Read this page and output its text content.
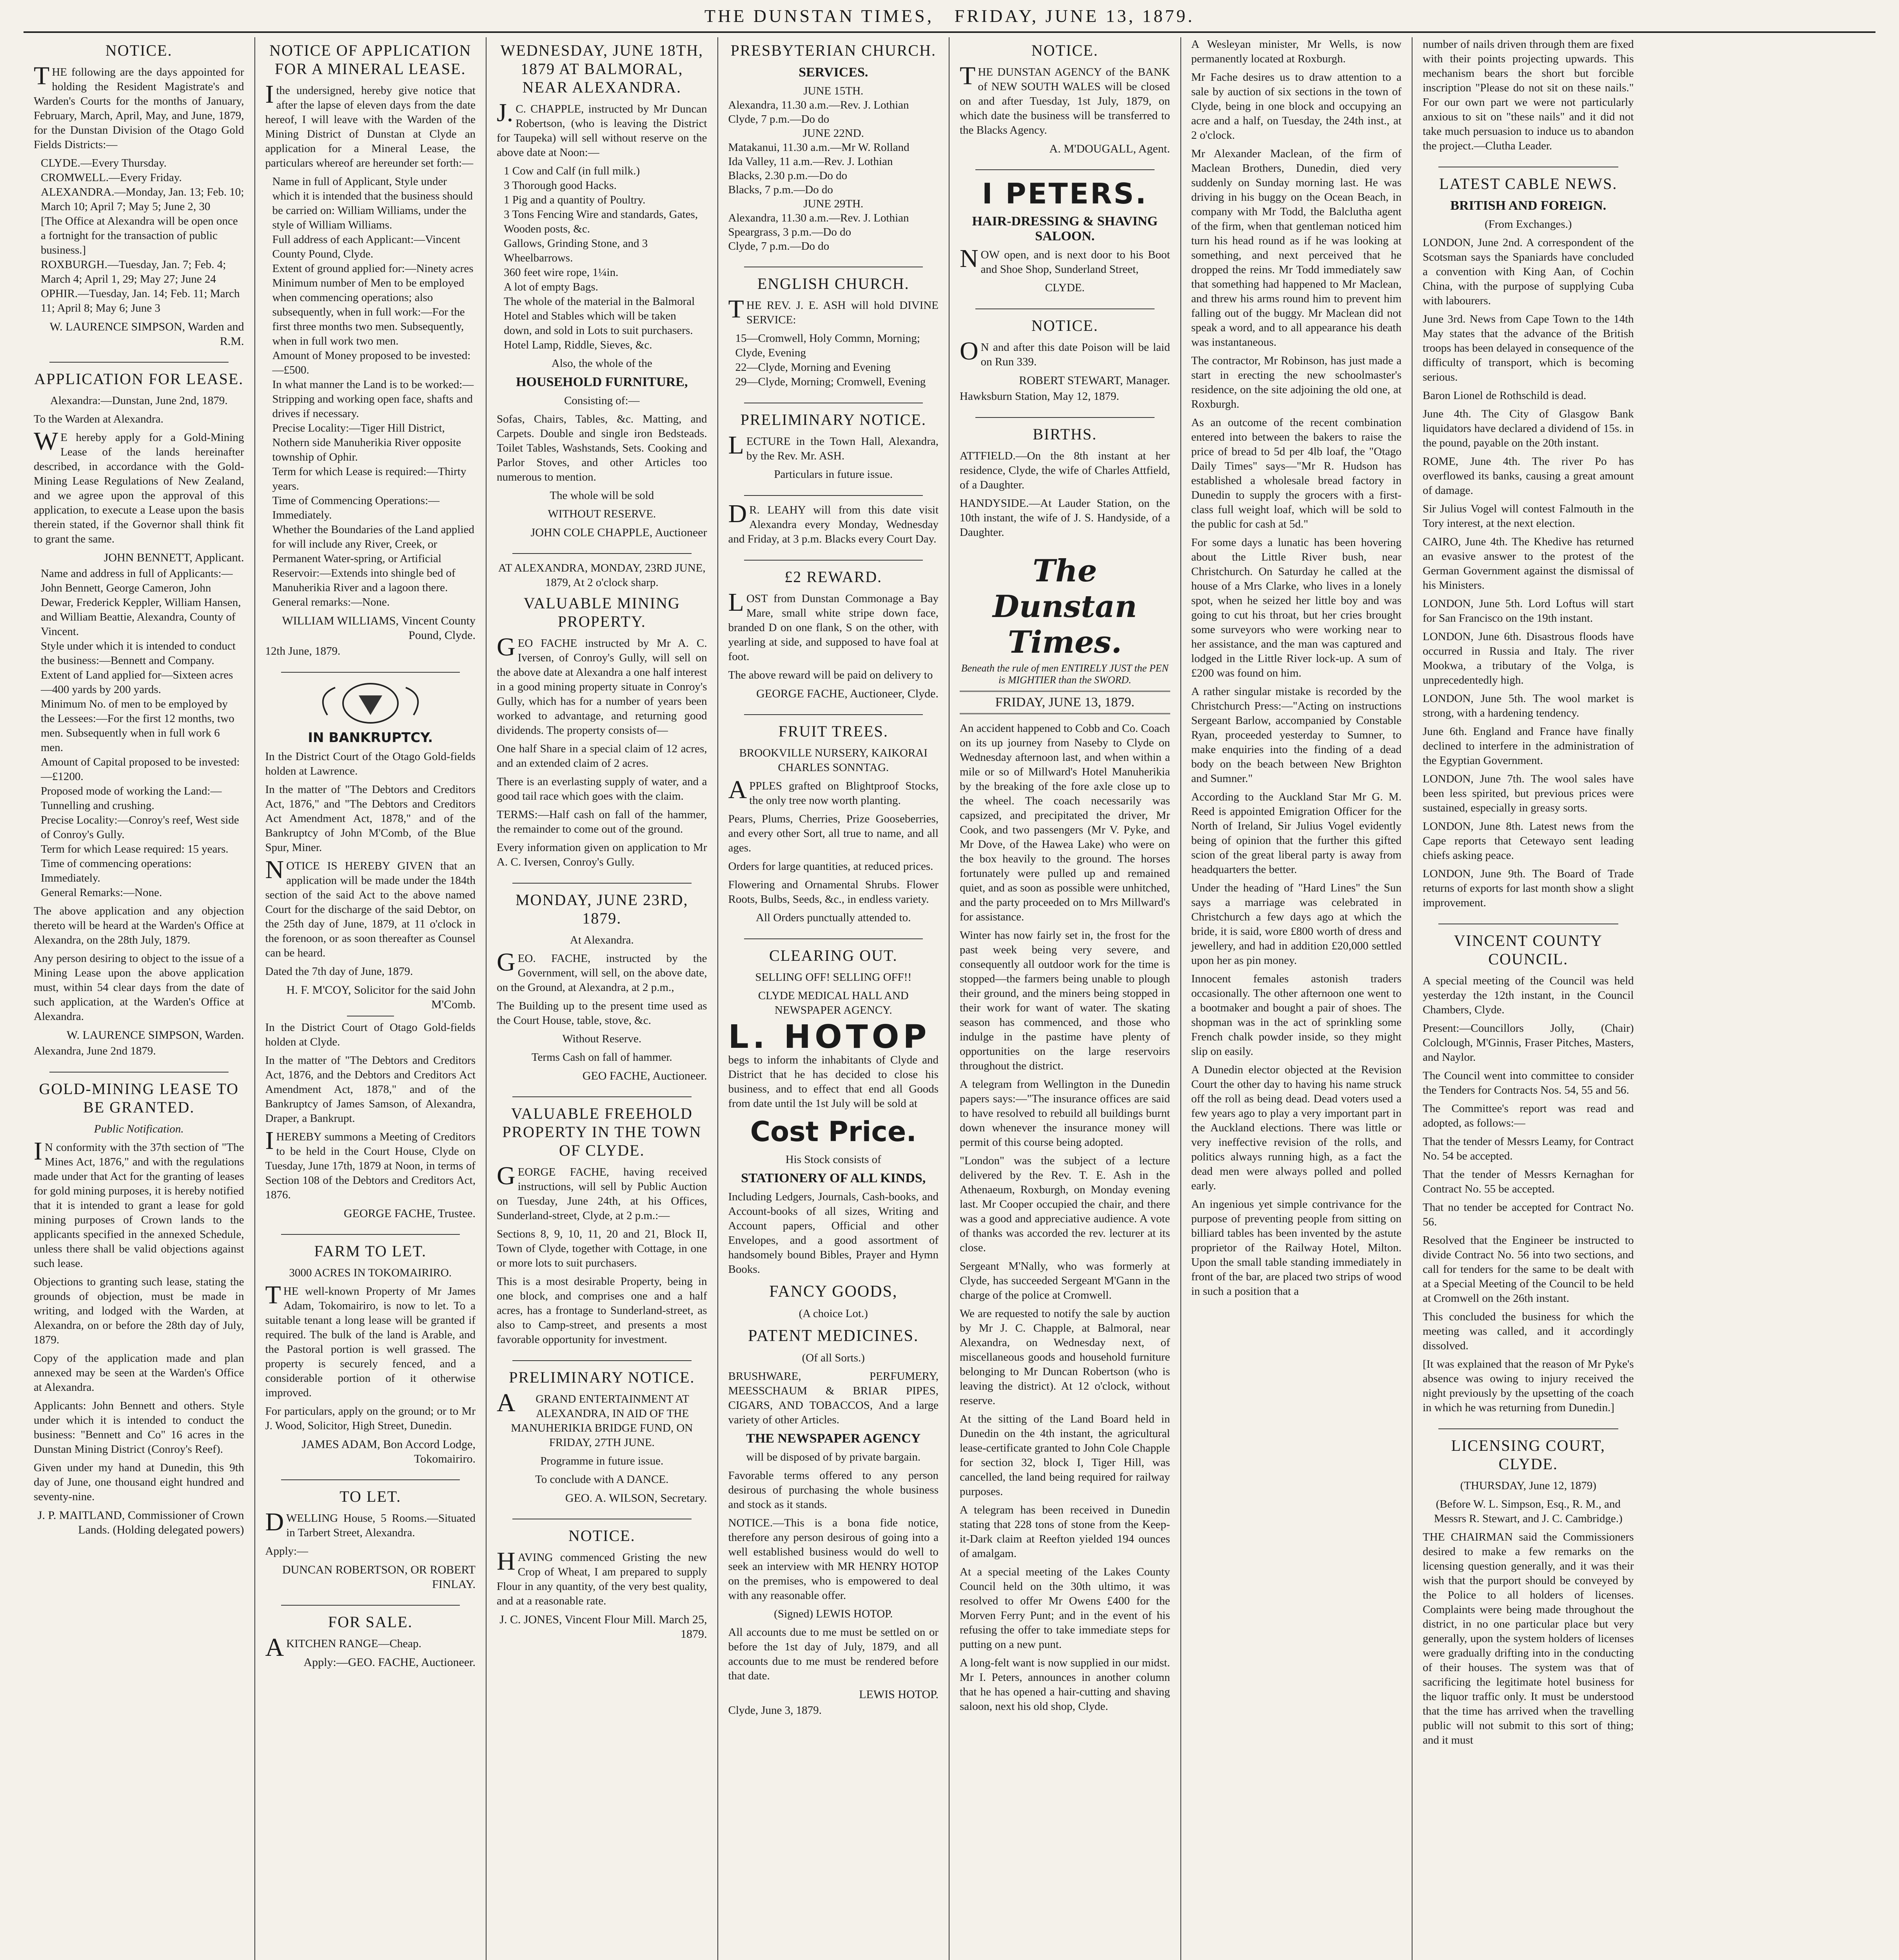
THE DUNSTAN TIMES,
FRIDAY, JUNE 13, 1879.
NOTICE.

THE following are the days appointed for holding the Resident Magistrate's and Warden's Courts for the months of January, February, March, April, May, and June, 1879, for the Dunstan Division of the Otago Gold Fields Districts:—

CLYDE.—Every Thursday.
CROMWELL.—Every Friday.
ALEXANDRA.—Monday, Jan. 13; Feb. 10; March 10; April 7; May 5; June 2, 30
[The Office at Alexandra will be open once a fortnight for the transaction of public business.]
ROXBURGH.—Tuesday, Jan. 7; Feb. 4; March 4; April 1, 29; May 27; June 24
OPHIR.—Tuesday, Jan. 14; Feb. 11; March 11; April 8; May 6; June 3

W. LAURENCE SIMPSON, Warden and R.M.

APPLICATION FOR LEASE.

Alexandra:—Dunstan, June 2nd, 1879.

To the Warden at Alexandra.

WE hereby apply for a Gold-Mining Lease of the lands hereinafter described, in accordance with the Gold-Mining Lease Regulations of New Zealand, and we agree upon the approval of this application, to execute a Lease upon the basis therein stated, if the Governor shall think fit to grant the same.

JOHN BENNETT, Applicant.

Name and address in full of Applicants:—John Bennett, George Cameron, John Dewar, Frederick Keppler, William Hansen, and William Beattie, Alexandra, County of Vincent.
Style under which it is intended to conduct the business:—Bennett and Company.
Extent of Land applied for—Sixteen acres—400 yards by 200 yards.
Minimum No. of men to be employed by the Lessees:—For the first 12 months, two men. Subsequently when in full work 6 men.
Amount of Capital proposed to be invested:—£1200.
Proposed mode of working the Land:—Tunnelling and crushing.
Precise Locality:—Conroy's reef, West side of Conroy's Gully.
Term for which Lease required: 15 years.
Time of commencing operations: Immediately.
General Remarks:—None.

The above application and any objection thereto will be heard at the Warden's Office at Alexandra, on the 28th July, 1879.

Any person desiring to object to the issue of a Mining Lease upon the above application must, within 54 clear days from the date of such application, at the Warden's Office at Alexandra.

W. LAURENCE SIMPSON, Warden.

Alexandra, June 2nd 1879.

GOLD-MINING LEASE TO BE GRANTED.

Public Notification.

IN conformity with the 37th section of "The Mines Act, 1876," and with the regulations made under that Act for the granting of leases for gold mining purposes, it is hereby notified that it is intended to grant a lease for gold mining purposes of Crown lands to the applicants specified in the annexed Schedule, unless there shall be valid objections against such lease.

Objections to granting such lease, stating the grounds of objection, must be made in writing, and lodged with the Warden, at Alexandra, on or before the 28th day of July, 1879.

Copy of the application made and plan annexed may be seen at the Warden's Office at Alexandra.

Applicants: John Bennett and others. Style under which it is intended to conduct the business: "Bennett and Co" 16 acres in the Dunstan Mining District (Conroy's Reef).

Given under my hand at Dunedin, this 9th day of June, one thousand eight hundred and seventy-nine.

J. P. MAITLAND, Commissioner of Crown Lands. (Holding delegated powers)

NOTICE OF APPLICATION FOR A MINERAL LEASE.

Ithe undersigned, hereby give notice that after the lapse of eleven days from the date hereof, I will leave with the Warden of the Mining District of Dunstan at Clyde an application for a Mineral Lease, the particulars whereof are hereunder set forth:—

Name in full of Applicant, Style under which it is intended that the business should be carried on: William Williams, under the style of William Williams.
Full address of each Applicant:—Vincent County Pound, Clyde.
Extent of ground applied for:—Ninety acres
Minimum number of Men to be employed when commencing operations; also subsequently, when in full work:—For the first three months two men. Subsequently, when in full work two men.
Amount of Money proposed to be invested:—£500.
In what manner the Land is to be worked:—Stripping and working open face, shafts and drives if necessary.
Precise Locality:—Tiger Hill District, Nothern side Manuherikia River opposite township of Ophir.
Term for which Lease is required:—Thirty years.
Time of Commencing Operations:—Immediately.
Whether the Boundaries of the Land applied for will include any River, Creek, or Permanent Water-spring, or Artificial Reservoir:—Extends into shingle bed of Manuherikia River and a lagoon there.
General remarks:—None.

WILLIAM WILLIAMS, Vincent County Pound, Clyde.

12th June, 1879.

IN BANKRUPTCY.

In the District Court of the Otago Gold-fields holden at Lawrence.

In the matter of "The Debtors and Creditors Act, 1876," and "The Debtors and Creditors Act Amendment Act, 1878," and of the Bankruptcy of John M'Comb, of the Blue Spur, Miner.

NOTICE IS HEREBY GIVEN that an application will be made under the 184th section of the said Act to the above named Court for the discharge of the said Debtor, on the 25th day of June, 1879, at 11 o'clock in the forenoon, or as soon thereafter as Counsel can be heard.

Dated the 7th day of June, 1879.

H. F. M'COY, Solicitor for the said John M'Comb.

In the District Court of Otago Gold-fields holden at Clyde.

In the matter of "The Debtors and Creditors Act, 1876, and the Debtors and Creditors Act Amendment Act, 1878," and of the Bankruptcy of James Samson, of Alexandra, Draper, a Bankrupt.

IHEREBY summons a Meeting of Creditors to be held in the Court House, Clyde on Tuesday, June 17th, 1879 at Noon, in terms of Section 108 of the Debtors and Creditors Act, 1876.

GEORGE FACHE, Trustee.

FARM TO LET.

3000 ACRES IN TOKOMAIRIRO.

THE well-known Property of Mr James Adam, Tokomairiro, is now to let. To a suitable tenant a long lease will be granted if required. The bulk of the land is Arable, and the Pastoral portion is well grassed. The property is securely fenced, and a considerable portion of it otherwise improved.

For particulars, apply on the ground; or to Mr J. Wood, Solicitor, High Street, Dunedin.

JAMES ADAM, Bon Accord Lodge, Tokomairiro.

TO LET.

DWELLING House, 5 Rooms.—Situated in Tarbert Street, Alexandra.

Apply:—

DUNCAN ROBERTSON, OR ROBERT FINLAY.

FOR SALE.

AKITCHEN RANGE—Cheap.

Apply:—GEO. FACHE, Auctioneer.

WEDNESDAY, JUNE 18TH, 1879 AT BALMORAL, NEAR ALEXANDRA.

J.C. CHAPPLE, instructed by Mr Duncan Robertson, (who is leaving the District for Taupeka) will sell without reserve on the above date at Noon:—

1 Cow and Calf (in full milk.)
3 Thorough good Hacks.
1 Pig and a quantity of Poultry.
3 Tons Fencing Wire and standards, Gates, Wooden posts, &c.
Gallows, Grinding Stone, and 3 Wheelbarrows.
360 feet wire rope, 1¼in.
A lot of empty Bags.
The whole of the material in the Balmoral Hotel and Stables which will be taken down, and sold in Lots to suit purchasers.
Hotel Lamp, Riddle, Sieves, &c.

Also, the whole of the

HOUSEHOLD FURNITURE,

Consisting of:—

Sofas, Chairs, Tables, &c. Matting, and Carpets. Double and single iron Bedsteads. Toilet Tables, Washstands, Sets. Cooking and Parlor Stoves, and other Articles too numerous to mention.

The whole will be sold

WITHOUT RESERVE.

JOHN COLE CHAPPLE, Auctioneer

AT ALEXANDRA, MONDAY, 23RD JUNE, 1879, At 2 o'clock sharp.

VALUABLE MINING PROPERTY.

GEO FACHE instructed by Mr A. C. Iversen, of Conroy's Gully, will sell on the above date at Alexandra a one half interest in a good mining property situate in Conroy's Gully, which has for a number of years been worked to advantage, and returning good dividends. The property consists of—

One half Share in a special claim of 12 acres, and an extended claim of 2 acres.

There is an everlasting supply of water, and a good tail race which goes with the claim.

TERMS:—Half cash on fall of the hammer, the remainder to come out of the ground.

Every information given on application to Mr A. C. Iversen, Conroy's Gully.

MONDAY, JUNE 23RD, 1879.

At Alexandra.

GEO. FACHE, instructed by the Government, will sell, on the above date, on the Ground, at Alexandra, at 2 p.m.,

The Building up to the present time used as the Court House, table, stove, &c.

Without Reserve.

Terms Cash on fall of hammer.

GEO FACHE, Auctioneer.

VALUABLE FREEHOLD PROPERTY IN THE TOWN OF CLYDE.

GEORGE FACHE, having received instructions, will sell by Public Auction on Tuesday, June 24th, at his Offices, Sunderland-street, Clyde, at 2 p.m.:—

Sections 8, 9, 10, 11, 20 and 21, Block II, Town of Clyde, together with Cottage, in one or more lots to suit purchasers.

This is a most desirable Property, being in one block, and comprises one and a half acres, has a frontage to Sunderland-street, as also to Camp-street, and presents a most favorable opportunity for investment.

PRELIMINARY NOTICE.

AGRAND ENTERTAINMENT AT ALEXANDRA, IN AID OF THE MANUHERIKIA BRIDGE FUND, ON FRIDAY, 27TH JUNE.

Programme in future issue.

To conclude with A DANCE.

GEO. A. WILSON, Secretary.

NOTICE.

HAVING commenced Gristing the new Crop of Wheat, I am prepared to supply Flour in any quantity, of the very best quality, and at a reasonable rate.

J. C. JONES, Vincent Flour Mill. March 25, 1879.

PRESBYTERIAN CHURCH.
SERVICES.
JUNE 15TH.
Alexandra, 11.30 a.m.—Rev. J. Lothian
Clyde, 7 p.m.—Do do
JUNE 22ND.
Matakanui, 11.30 a.m.—Mr W. Rolland
Ida Valley, 11 a.m.—Rev. J. Lothian
Blacks, 2.30 p.m.—Do do
Blacks, 7 p.m.—Do do
JUNE 29TH.
Alexandra, 11.30 a.m.—Rev. J. Lothian
Speargrass, 3 p.m.—Do do
Clyde, 7 p.m.—Do do
ENGLISH CHURCH.

THE REV. J. E. ASH will hold DIVINE SERVICE:

15—Cromwell, Holy Commn, Morning; Clyde, Evening
22—Clyde, Morning and Evening
29—Clyde, Morning; Cromwell, Evening
PRELIMINARY NOTICE.

LECTURE in the Town Hall, Alexandra, by the Rev. Mr. ASH.

Particulars in future issue.

DR. LEAHY will from this date visit Alexandra every Monday, Wednesday and Friday, at 3 p.m. Blacks every Court Day.

£2 REWARD.

LOST from Dunstan Commonage a Bay Mare, small white stripe down face, branded D on one flank, S on the other, with yearling at side, and supposed to have foal at foot.

The above reward will be paid on delivery to

GEORGE FACHE, Auctioneer, Clyde.

FRUIT TREES.

BROOKVILLE NURSERY, KAIKORAI CHARLES SONNTAG.

APPLES grafted on Blightproof Stocks, the only tree now worth planting.

Pears, Plums, Cherries, Prize Gooseberries, and every other Sort, all true to name, and all ages.

Orders for large quantities, at reduced prices.

Flowering and Ornamental Shrubs. Flower Roots, Bulbs, Seeds, &c., in endless variety.

All Orders punctually attended to.

CLEARING OUT.

SELLING OFF! SELLING OFF!!

CLYDE MEDICAL HALL AND NEWSPAPER AGENCY.

L. HOTOP

begs to inform the inhabitants of Clyde and District that he has decided to close his business, and to effect that end all Goods from date until the 1st July will be sold at

Cost Price.

His Stock consists of

STATIONERY OF ALL KINDS,

Including Ledgers, Journals, Cash-books, and Account-books of all sizes, Writing and Account papers, Official and other Envelopes, and a good assortment of handsomely bound Bibles, Prayer and Hymn Books.

FANCY GOODS,

(A choice Lot.)

PATENT MEDICINES.

(Of all Sorts.)

BRUSHWARE, PERFUMERY, MEESSCHAUM & BRIAR PIPES, CIGARS, AND TOBACCOS, And a large variety of other Articles.

THE NEWSPAPER AGENCY

will be disposed of by private bargain.

Favorable terms offered to any person desirous of purchasing the whole business and stock as it stands.

NOTICE.—This is a bona fide notice, therefore any person desirous of going into a well established business would do well to seek an interview with MR HENRY HOTOP on the premises, who is empowered to deal with any reasonable offer.

(Signed) LEWIS HOTOP.

All accounts due to me must be settled on or before the 1st day of July, 1879, and all accounts due to me must be rendered before that date.

LEWIS HOTOP.

Clyde, June 3, 1879.

NOTICE.

THE DUNSTAN AGENCY of the BANK of NEW SOUTH WALES will be closed on and after Tuesday, 1st July, 1879, on which date the business will be transferred to the Blacks Agency.

A. M'DOUGALL, Agent.

I PETERS.
HAIR-DRESSING & SHAVING SALOON.

NOW open, and is next door to his Boot and Shoe Shop, Sunderland Street,

CLYDE.

NOTICE.

ON and after this date Poison will be laid on Run 339.

ROBERT STEWART, Manager.

Hawksburn Station, May 12, 1879.

BIRTHS.

ATTFIELD.—On the 8th instant at her residence, Clyde, the wife of Charles Attfield, of a Daughter.

HANDYSIDE.—At Lauder Station, on the 10th instant, the wife of J. S. Handyside, of a Daughter.

The Dunstan Times.
Beneath the rule of men ENTIRELY JUST the PEN is MIGHTIER than the SWORD.
FRIDAY, JUNE 13, 1879.

An accident happened to Cobb and Co. Coach on its up journey from Naseby to Clyde on Wednesday afternoon last, and when within a mile or so of Millward's Hotel Manuherikia by the breaking of the fore axle close up to the wheel. The coach necessarily was capsized, and precipitated the driver, Mr Cook, and two passengers (Mr V. Pyke, and Mr Dove, of the Hawea Lake) who were on the box heavily to the ground. The horses fortunately were pulled up and remained quiet, and as soon as possible were unhitched, and the party proceeded on to Mrs Millward's for assistance.

Winter has now fairly set in, the frost for the past week being very severe, and consequently all outdoor work for the time is stopped—the farmers being unable to plough their ground, and the miners being stopped in their work for want of water. The skating season has commenced, and those who indulge in the pastime have plenty of opportunities on the large reservoirs throughout the district.

A telegram from Wellington in the Dunedin papers says:—"The insurance offices are said to have resolved to rebuild all buildings burnt down whenever the insurance money will permit of this course being adopted.

"London" was the subject of a lecture delivered by the Rev. T. E. Ash in the Athenaeum, Roxburgh, on Monday evening last. Mr Cooper occupied the chair, and there was a good and appreciative audience. A vote of thanks was accorded the rev. lecturer at its close.

Sergeant M'Nally, who was formerly at Clyde, has succeeded Sergeant M'Gann in the charge of the police at Cromwell.

We are requested to notify the sale by auction by Mr J. C. Chapple, at Balmoral, near Alexandra, on Wednesday next, of miscellaneous goods and household furniture belonging to Mr Duncan Robertson (who is leaving the district). At 12 o'clock, without reserve.

At the sitting of the Land Board held in Dunedin on the 4th instant, the agricultural lease-certificate granted to John Cole Chapple for section 32, block I, Tiger Hill, was cancelled, the land being required for railway purposes.

A telegram has been received in Dunedin stating that 228 tons of stone from the Keep-it-Dark claim at Reefton yielded 194 ounces of amalgam.

At a special meeting of the Lakes County Council held on the 30th ultimo, it was resolved to offer Mr Owens £400 for the Morven Ferry Punt; and in the event of his refusing the offer to take immediate steps for putting on a new punt.

A long-felt want is now supplied in our midst. Mr I. Peters, announces in another column that he has opened a hair-cutting and shaving saloon, next his old shop, Clyde.

A Wesleyan minister, Mr Wells, is now permanently located at Roxburgh.

Mr Fache desires us to draw attention to a sale by auction of six sections in the town of Clyde, being in one block and occupying an acre and a half, on Tuesday, the 24th inst., at 2 o'clock.

Mr Alexander Maclean, of the firm of Maclean Brothers, Dunedin, died very suddenly on Sunday morning last. He was driving in his buggy on the Ocean Beach, in company with Mr Todd, the Balclutha agent of the firm, when that gentleman noticed him turn his head round as if he was looking at something, and next perceived that he dropped the reins. Mr Todd immediately saw that something had happened to Mr Maclean, and threw his arms round him to prevent him falling out of the buggy. Mr Maclean did not speak a word, and to all appearance his death was instantaneous.

The contractor, Mr Robinson, has just made a start in erecting the new schoolmaster's residence, on the site adjoining the old one, at Roxburgh.

As an outcome of the recent combination entered into between the bakers to raise the price of bread to 5d per 4lb loaf, the "Otago Daily Times" says—"Mr R. Hudson has established a wholesale bread factory in Dunedin to supply the grocers with a first-class full weight loaf, which will be sold to the public for cash at 5d."

For some days a lunatic has been hovering about the Little River bush, near Christchurch. On Saturday he called at the house of a Mrs Clarke, who lives in a lonely spot, when he seized her little boy and was going to cut his throat, but her cries brought some surveyors who were working near to her assistance, and the man was captured and lodged in the Little River lock-up. A sum of £200 was found on him.

A rather singular mistake is recorded by the Christchurch Press:—"Acting on instructions Sergeant Barlow, accompanied by Constable Ryan, proceeded yesterday to Sumner, to make enquiries into the finding of a dead body on the beach between New Brighton and Sumner."

According to the Auckland Star Mr G. M. Reed is appointed Emigration Officer for the North of Ireland, Sir Julius Vogel evidently being of opinion that the further this gifted scion of the great liberal party is away from headquarters the better.

Under the heading of "Hard Lines" the Sun says a marriage was celebrated in Christchurch a few days ago at which the bride, it is said, wore £800 worth of dress and jewellery, and had in addition £20,000 settled upon her as pin money.

Innocent females astonish traders occasionally. The other afternoon one went to a bootmaker and bought a pair of shoes. The shopman was in the act of sprinkling some French chalk powder inside, so they might slip on easily.

A Dunedin elector objected at the Revision Court the other day to having his name struck off the roll as being dead. Dead voters used a few years ago to play a very important part in the Auckland elections. There was little or very ineffective revision of the rolls, and politics always running high, as a fact the dead men were always polled and polled early.

An ingenious yet simple contrivance for the purpose of preventing people from sitting on billiard tables has been invented by the astute proprietor of the Railway Hotel, Milton. Upon the small table standing immediately in front of the bar, are placed two strips of wood in such a position that a

number of nails driven through them are fixed with their points projecting upwards. This mechanism bears the short but forcible inscription "Please do not sit on these nails." For our own part we were not particularly anxious to sit on "these nails" and it did not take much persuasion to induce us to abandon the project.—Clutha Leader.

LATEST CABLE NEWS.
BRITISH AND FOREIGN.

(From Exchanges.)

LONDON, June 2nd. A correspondent of the Scotsman says the Spaniards have concluded a convention with King Aan, of Cochin China, with the purpose of supplying Cuba with labourers.

June 3rd. News from Cape Town to the 14th May states that the advance of the British troops has been delayed in consequence of the difficulty of transport, which is becoming serious.

Baron Lionel de Rothschild is dead.

June 4th. The City of Glasgow Bank liquidators have declared a dividend of 15s. in the pound, payable on the 20th instant.

ROME, June 4th. The river Po has overflowed its banks, causing a great amount of damage.

Sir Julius Vogel will contest Falmouth in the Tory interest, at the next election.

CAIRO, June 4th. The Khedive has returned an evasive answer to the protest of the German Government against the dismissal of his Ministers.

LONDON, June 5th. Lord Loftus will start for San Francisco on the 19th instant.

LONDON, June 6th. Disastrous floods have occurred in Russia and Italy. The river Mookwa, a tributary of the Volga, is unprecedentedly high.

LONDON, June 5th. The wool market is strong, with a hardening tendency.

June 6th. England and France have finally declined to interfere in the administration of the Egyptian Government.

LONDON, June 7th. The wool sales have been less spirited, but previous prices were sustained, especially in greasy sorts.

LONDON, June 8th. Latest news from the Cape reports that Cetewayo sent leading chiefs asking peace.

LONDON, June 9th. The Board of Trade returns of exports for last month show a slight improvement.

VINCENT COUNTY COUNCIL.

A special meeting of the Council was held yesterday the 12th instant, in the Council Chambers, Clyde.

Present:—Councillors Jolly, (Chair) Colclough, M'Ginnis, Fraser Pitches, Masters, and Naylor.

The Council went into committee to consider the Tenders for Contracts Nos. 54, 55 and 56.

The Committee's report was read and adopted, as follows:—

That the tender of Messrs Leamy, for Contract No. 54 be accepted.

That the tender of Messrs Kernaghan for Contract No. 55 be accepted.

That no tender be accepted for Contract No. 56.

Resolved that the Engineer be instructed to divide Contract No. 56 into two sections, and call for tenders for the same to be dealt with at a Special Meeting of the Council to be held at Cromwell on the 26th instant.

This concluded the business for which the meeting was called, and it accordingly dissolved.

[It was explained that the reason of Mr Pyke's absence was owing to injury received the night previously by the upsetting of the coach in which he was returning from Dunedin.]

LICENSING COURT, CLYDE.

(THURSDAY, June 12, 1879)

(Before W. L. Simpson, Esq., R. M., and Messrs R. Stewart, and J. C. Cambridge.)

THE CHAIRMAN said the Commissioners desired to make a few remarks on the licensing question generally, and it was their wish that the purport should be conveyed by the Police to all holders of licenses. Complaints were being made throughout the district, in no one particular place but very generally, upon the system holders of licenses were gradually drifting into in the conducting of their houses. The system was that of sacrificing the legitimate hotel business for the liquor traffic only. It must be understood that the time has arrived when the travelling public will not submit to this sort of thing; and it must
